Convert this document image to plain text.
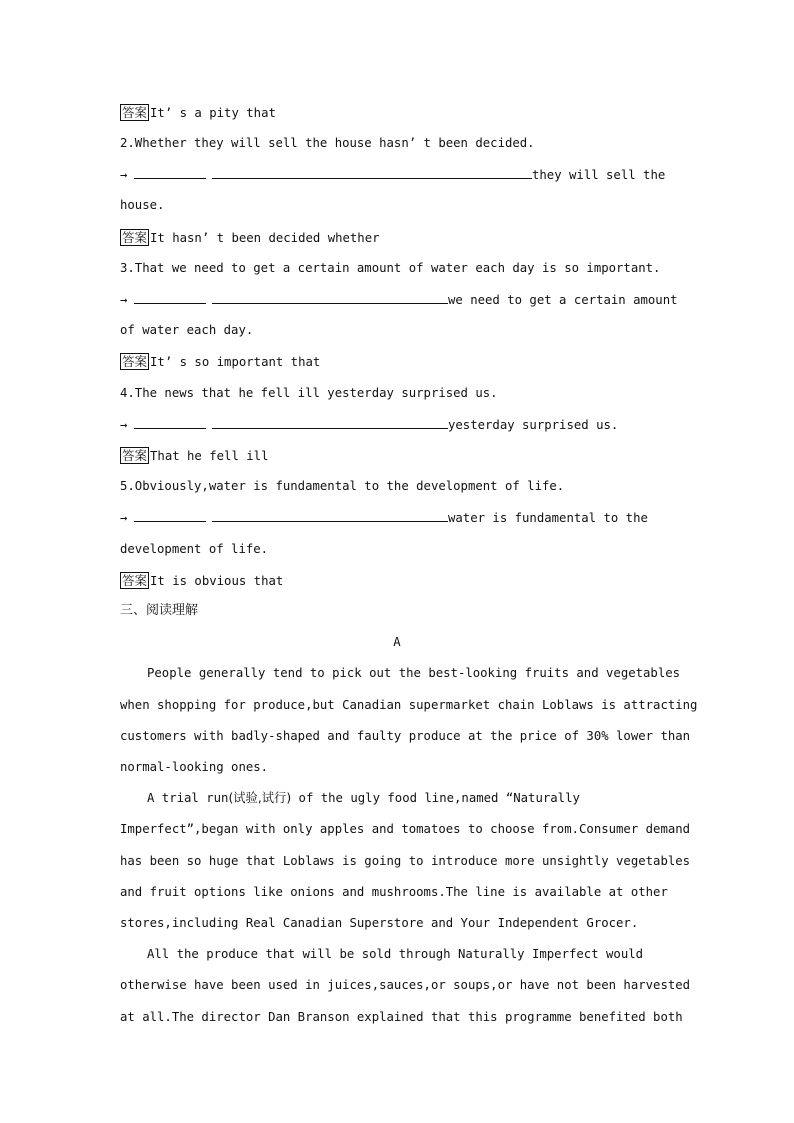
答案 It’ s a pity that
2.Whether they will sell the house hasn’ t been decided.
→	they will sell the
house.
答案 It hasn’ t been decided whether
3.That we need to get a certain amount of water each day is so important.
→	we need to get a certain amount
of water each day.
答案 It’ s so important that
4.The news that he fell ill yesterday surprised us.
→	yesterday surprised us.
答案 That he fell ill
5.Obviously,water is fundamental to the development of life.
→	water is fundamental to the
development of life.
答案 It is obvious that
三、阅读理解
A
People generally tend to pick out the best-looking fruits and vegetables
when shopping for produce,but Canadian supermarket chain Loblaws is attracting
customers with badly-shaped and faulty produce at the price of 30% lower than
normal-looking ones.
A trial run(试验,试行) of the ugly food line,named “Naturally
Imperfect”,began with only apples and tomatoes to choose from.Consumer demand
has been so huge that Loblaws is going to introduce more unsightly vegetables
and fruit options like onions and mushrooms.The line is available at other
stores,including Real Canadian Superstore and Your Independent Grocer.
All the produce that will be sold through Naturally Imperfect would
otherwise have been used in juices,sauces,or soups,or have not been harvested
at all.The director Dan Branson explained that this programme benefited both
